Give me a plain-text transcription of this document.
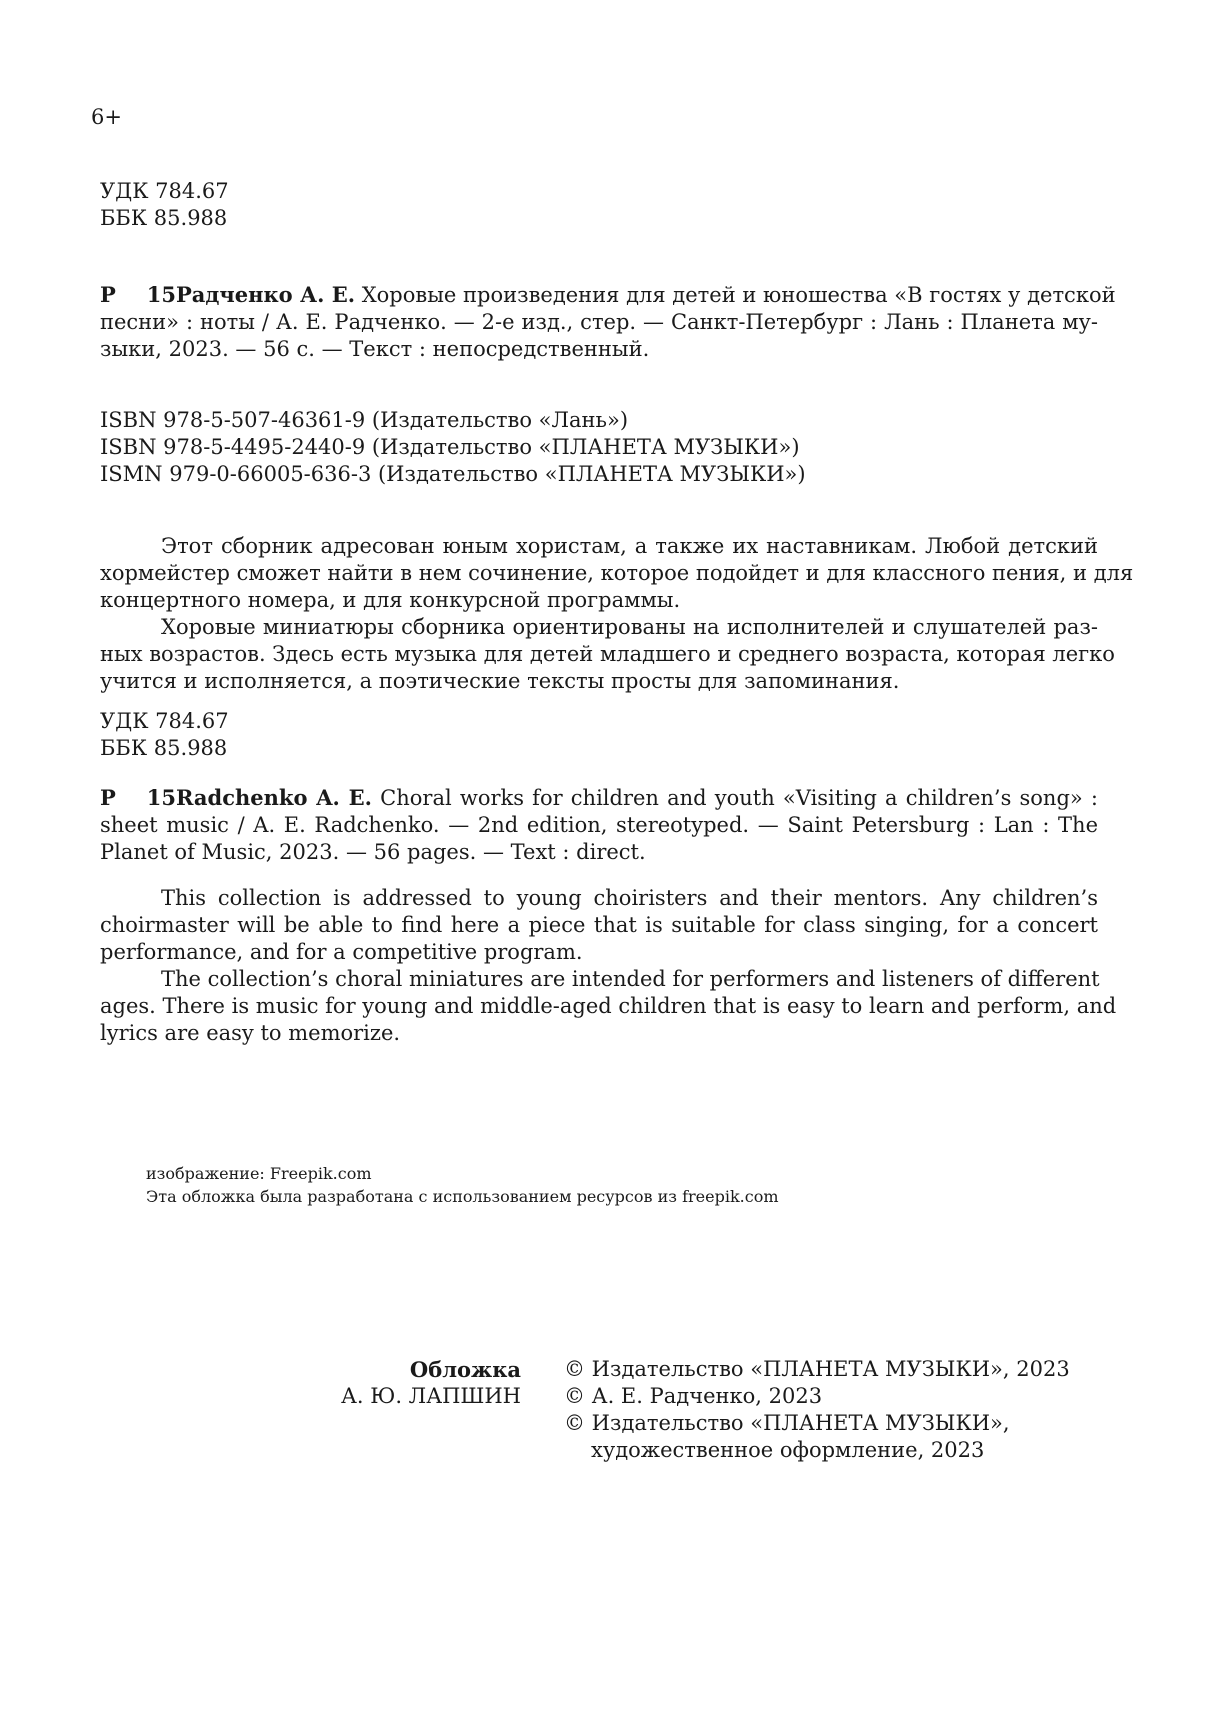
6+
УДК 784.67
ББК 85.988
Р 15Радченко А. Е. Хоровые произведения для детей и юношества «В гостях у детской
песни» : ноты / А. Е. Радченко. — 2-е изд., стер. — Санкт-Петербург : Лань : Планета му-
зыки, 2023. — 56 с. — Текст : непосредственный.
ISBN 978-5-507-46361-9 (Издательство «Лань»)
ISBN 978-5-4495-2440-9 (Издательство «ПЛАНЕТА МУЗЫКИ»)
ISMN 979-0-66005-636-3 (Издательство «ПЛАНЕТА МУЗЫКИ»)
Этот сборник адресован юным хористам, а также их наставникам. Любой детский
хормейстер сможет найти в нем сочинение, которое подойдет и для классного пения, и для
концертного номера, и для конкурсной программы.
Хоровые миниатюры сборника ориентированы на исполнителей и слушателей раз-
ных возрастов. Здесь есть музыка для детей младшего и среднего возраста, которая легко
учится и исполняется, а поэтические тексты просты для запоминания.
УДК 784.67
ББК 85.988
Р 15Radchenko A. E. Choral works for children and youth «Visiting a children’s song» :
sheet music / A. E. Radchenko. — 2nd edition, stereotyped. — Saint Petersburg : Lan : The
Planet of Music, 2023. — 56 pages. — Text : direct.
This collection is addressed to young choiristers and their mentors. Any children’s
choirmaster will be able to find here a piece that is suitable for class singing, for a concert
performance, and for a competitive program.
The collection’s choral miniatures are intended for performers and listeners of different
ages. There is music for young and middle-aged children that is easy to learn and perform, and
lyrics are easy to memorize.
изображение: Freepik.com
Эта обложка была разработана с использованием ресурсов из freepik.com
Обложка
А. Ю. ЛАПШИН
© Издательство «ПЛАНЕТА МУЗЫКИ», 2023
© А. Е. Радченко, 2023
© Издательство «ПЛАНЕТА МУЗЫКИ»,
художественное оформление, 2023
